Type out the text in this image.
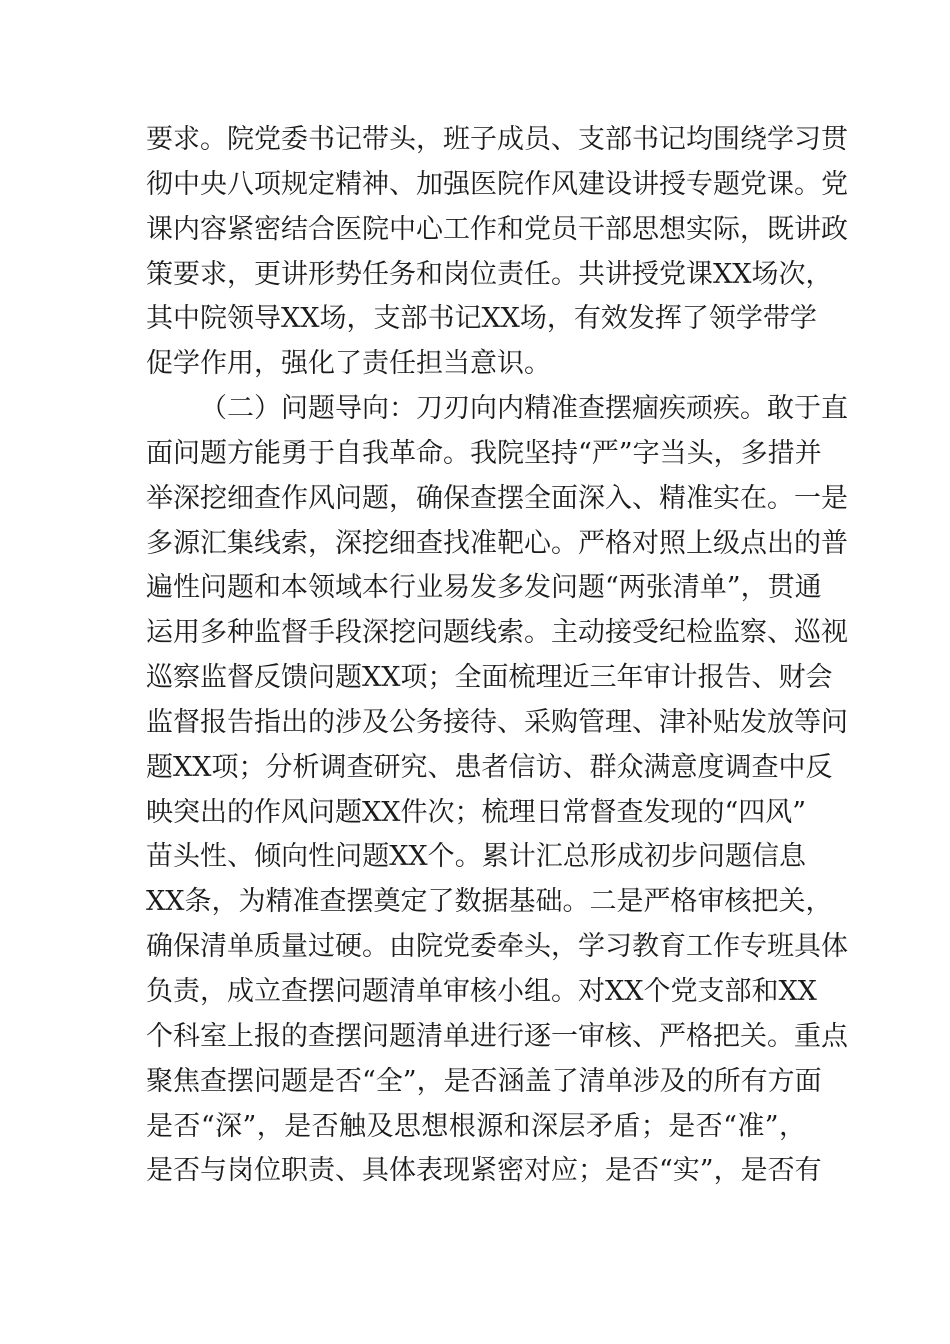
要求。院党委书记带头，班子成员、支部书记均围绕学习贯
彻中央八项规定精神、加强医院作风建设讲授专题党课。党
课内容紧密结合医院中心工作和党员干部思想实际，既讲政
策要求，更讲形势任务和岗位责任。共讲授党课XX场次，
其中院领导XX场，支部书记XX场，有效发挥了领学带学
促学作用，强化了责任担当意识。
（二）问题导向：刀刃向内精准查摆痼疾顽疾。敢于直
面问题方能勇于自我革命。我院坚持“严”字当头，多措并
举深挖细查作风问题，确保查摆全面深入、精准实在。一是
多源汇集线索，深挖细查找准靶心。严格对照上级点出的普
遍性问题和本领域本行业易发多发问题“两张清单”，贯通
运用多种监督手段深挖问题线索。主动接受纪检监察、巡视
巡察监督反馈问题XX项；全面梳理近三年审计报告、财会
监督报告指出的涉及公务接待、采购管理、津补贴发放等问
题XX项；分析调查研究、患者信访、群众满意度调查中反
映突出的作风问题XX件次；梳理日常督查发现的“四风”
苗头性、倾向性问题XX个。累计汇总形成初步问题信息
XX条，为精准查摆奠定了数据基础。二是严格审核把关，
确保清单质量过硬。由院党委牵头，学习教育工作专班具体
负责，成立查摆问题清单审核小组。对XX个党支部和XX
个科室上报的查摆问题清单进行逐一审核、严格把关。重点
聚焦查摆问题是否“全”，是否涵盖了清单涉及的所有方面
是否“深”，是否触及思想根源和深层矛盾；是否“准”，
是否与岗位职责、具体表现紧密对应；是否“实”，是否有
